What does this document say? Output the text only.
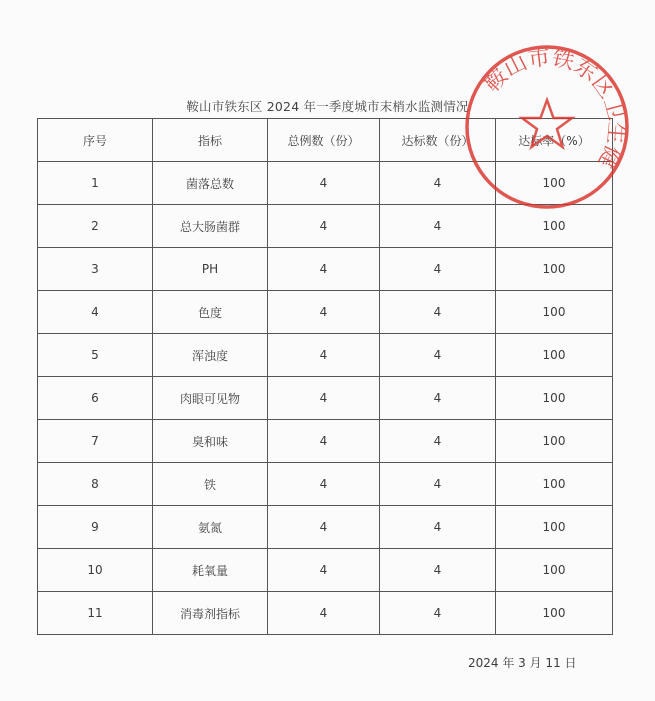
鞍山市铁东区 2024 年一季度城市末梢水监测情况
序号	指标	总例数（份）	达标数（份）	达标率（%）
1	菌落总数	4	4	100
2	总大肠菌群	4	4	100
3	PH	4	4	100
4	色度	4	4	100
5	浑浊度	4	4	100
6	肉眼可见物	4	4	100
7	臭和味	4	4	100
8	铁	4	4	100
9	氨氮	4	4	100
10	耗氧量	4	4	100
11	消毒剂指标	4	4	100
2024 年 3 月 11 日
鞍山市铁东区卫生健
